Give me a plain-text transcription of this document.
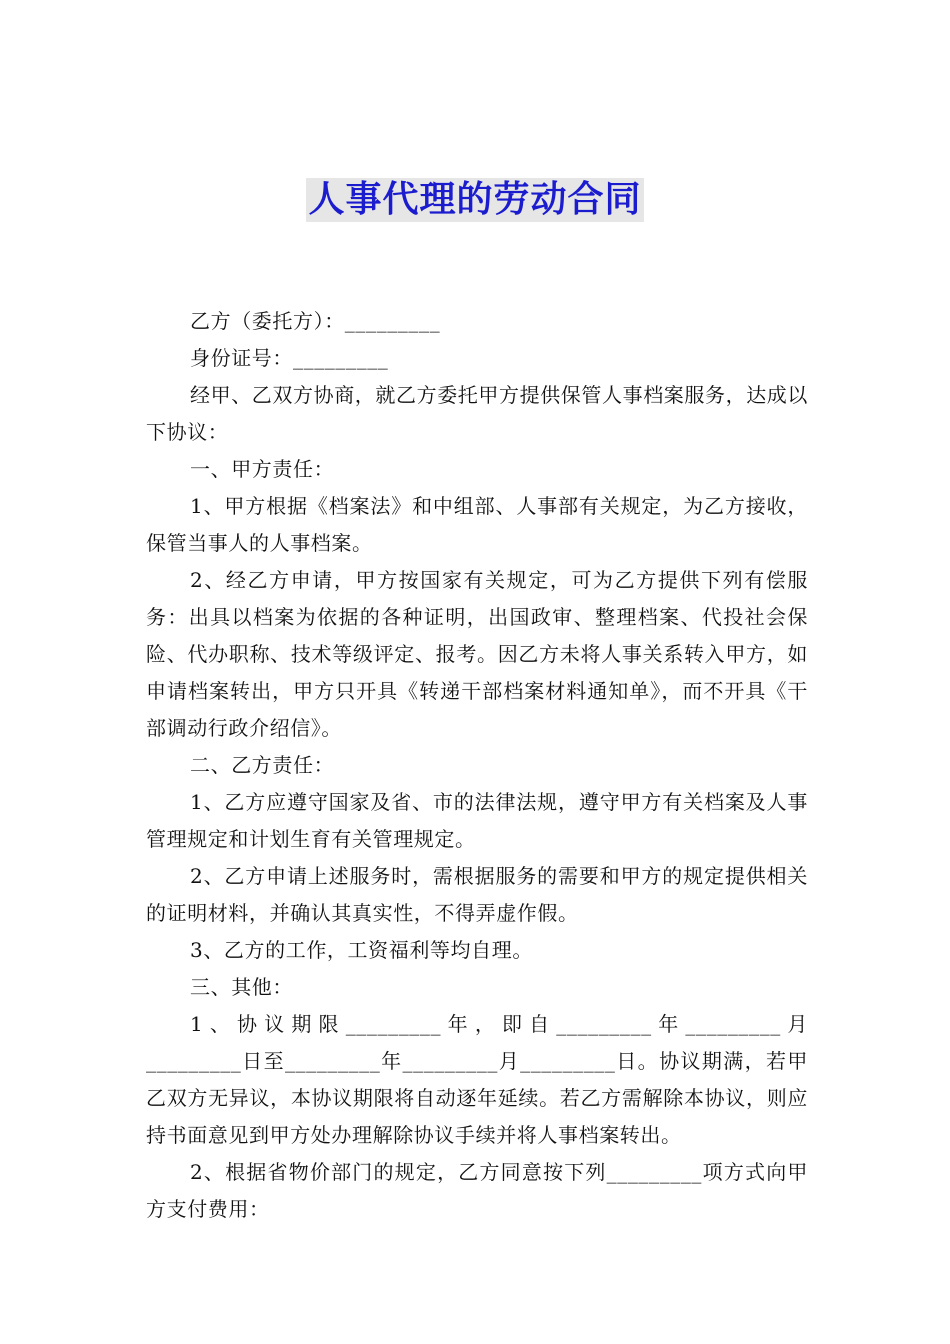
人事代理的劳动合同

乙方（委托方）：_________

身份证号：_________

经甲、乙双方协商，就乙方委托甲方提供保管人事档案服务，达成以下协议：

一、甲方责任：

1、甲方根据《档案法》和中组部、人事部有关规定，为乙方接收，保管当事人的人事档案。

2、经乙方申请，甲方按国家有关规定，可为乙方提供下列有偿服务：出具以档案为依据的各种证明，出国政审、整理档案、代投社会保险、代办职称、技术等级评定、报考。因乙方未将人事关系转入甲方，如申请档案转出，甲方只开具《转递干部档案材料通知单》，而不开具《干部调动行政介绍信》。

二、乙方责任：

1、乙方应遵守国家及省、市的法律法规，遵守甲方有关档案及人事管理规定和计划生育有关管理规定。

2、乙方申请上述服务时，需根据服务的需要和甲方的规定提供相关的证明材料，并确认其真实性，不得弄虚作假。

3、乙方的工作，工资福利等均自理。

三、其他：

1、协议期限_________年，即自_________年_________月_________日至_________年_________月_________日。协议期满，若甲乙双方无异议，本协议期限将自动逐年延续。若乙方需解除本协议，则应持书面意见到甲方处办理解除协议手续并将人事档案转出。

2、根据省物价部门的规定，乙方同意按下列_________项方式向甲方支付费用：
